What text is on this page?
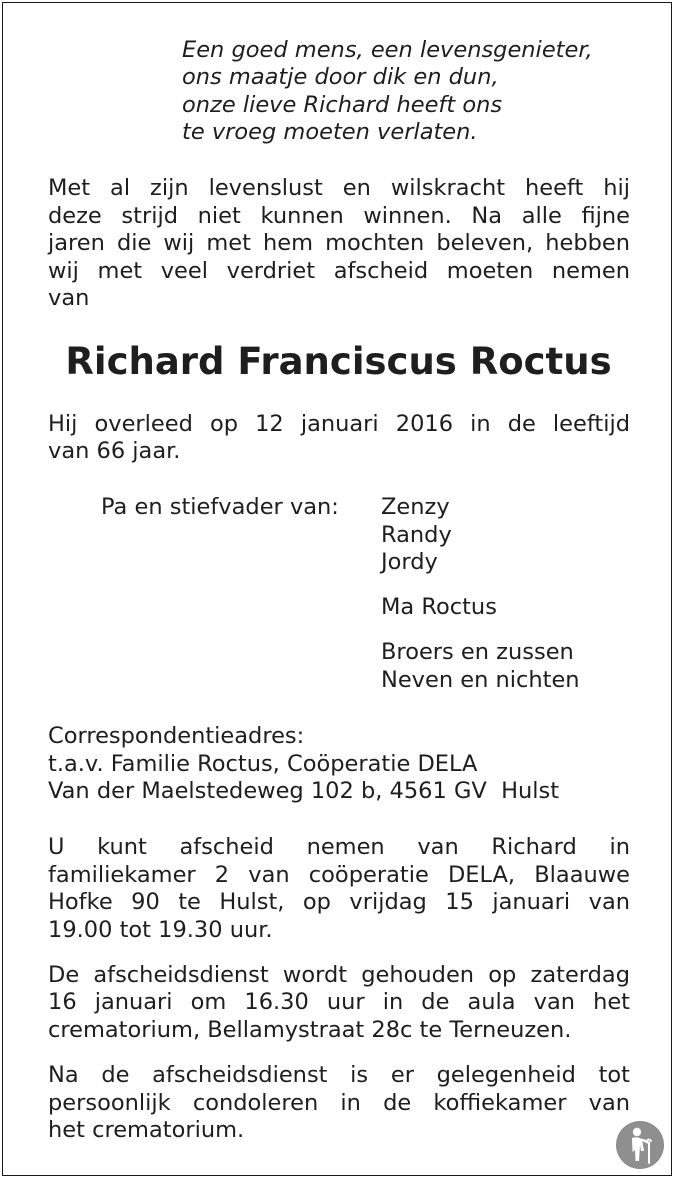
Een goed mens, een levensgenieter,

ons maatje door dik en dun,

onze lieve Richard heeft ons

te vroeg moeten verlaten.

Met al zijn levenslust en wilskracht heeft hij

deze strijd niet kunnen winnen. Na alle fijne

jaren die wij met hem mochten beleven, hebben

wij met veel verdriet afscheid moeten nemen

van

Richard Franciscus Roctus

Hij overleed op 12 januari 2016 in de leeftijd

van 66 jaar.

Pa en stiefvader van: Zenzy

Randy

Jordy

Ma Roctus

Broers en zussen

Neven en nichten

Correspondentieadres:

t.a.v. Familie Roctus, Coöperatie DELA

Van der Maelstedeweg 102 b, 4561 GV  Hulst

U kunt afscheid nemen van Richard in

familiekamer 2 van coöperatie DELA, Blaauwe

Hofke 90 te Hulst, op vrijdag 15 januari van

19.00 tot 19.30 uur.

De afscheidsdienst wordt gehouden op zaterdag

16 januari om 16.30 uur in de aula van het

crematorium, Bellamystraat 28c te Terneuzen.

Na de afscheidsdienst is er gelegenheid tot

persoonlijk condoleren in de koffiekamer van

het crematorium.
